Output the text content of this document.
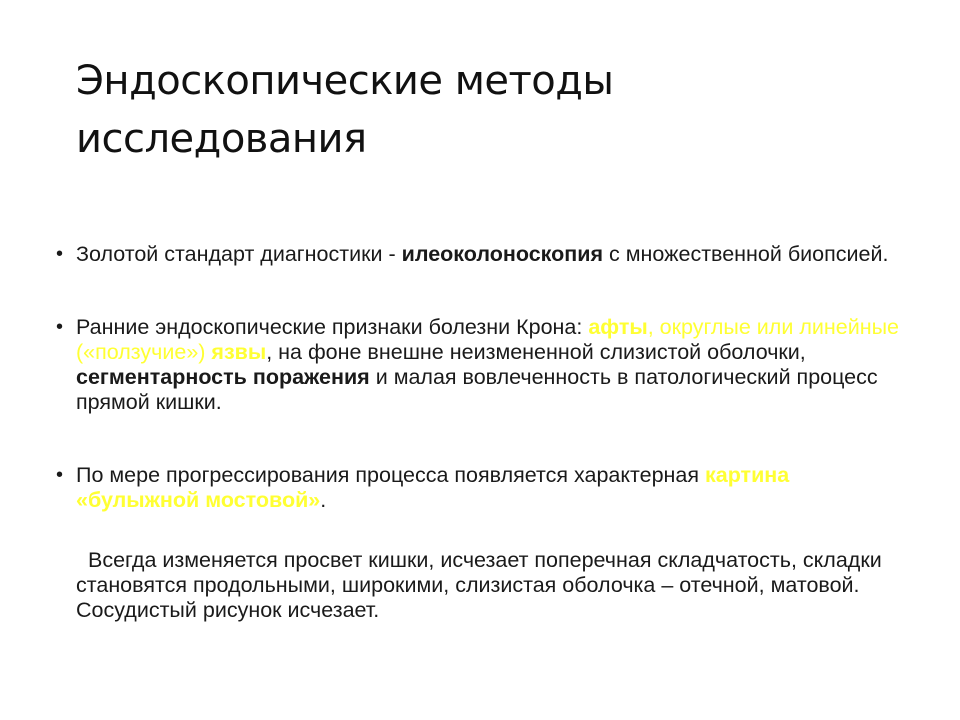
Эндоскопические методы
исследования
• Золотой стандарт диагностики - илеоколоноскопия с множественной биопсией.
• Ранние эндоскопические признаки болезни Крона: афты, округлые или линейные («ползучие») язвы, на фоне внешне неизмененной слизистой оболочки, сегментарность поражения и малая вовлеченность в патологический процесс прямой кишки.
• По мере прогрессирования процесса появляется характерная картина «булыжной мостовой».

Всегда изменяется просвет кишки, исчезает поперечная складчатость, складки становятся продольными, широкими, слизистая оболочка – отечной, матовой. Сосудистый рисунок исчезает.
